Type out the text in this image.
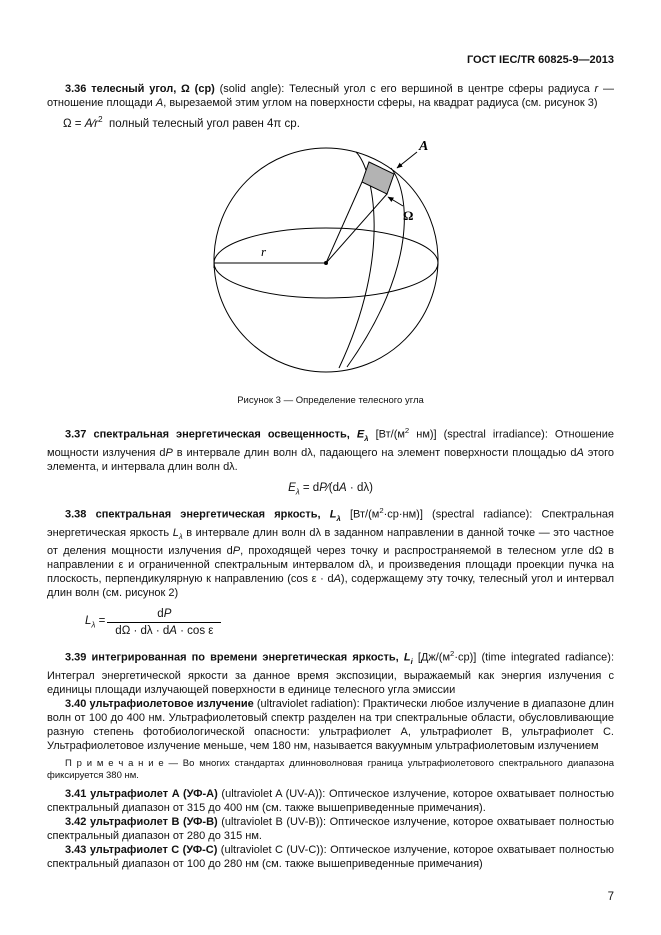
ГОСТ IEC/TR 60825-9—2013

3.36 телесный угол, Ω (ср) (solid angle): Телесный угол с его вершиной в центре сферы радиуса r — отношение площади A, вырезаемой этим углом на поверхности сферы, на квадрат радиуса (см. рисунок 3)

$\Omega = A∕r^2$  полный телесный угол равен 4π ср.
A
Ω
r
Рисунок 3 — Определение телесного угла

3.37 спектральная энергетическая освещенность, $E_\lambda$ [$Вт/(м^2$ нм)] (spectral irradiance): Отношение мощности излучения dP в интервале длин волн dλ, падающего на элемент поверхности площадью dA этого элемента, и интервала длин волн dλ.

$E_\lambda$ = dP∕(dA · dλ)

3.38 спектральная энергетическая яркость, $L_\lambda$ $[Вт/(м^2\cdot ср\cdot нм)]$ (spectral radiance): Спектральная энергетическая яркость $L_\lambda$ в интервале длин волн dλ в заданном направлении в данной точке — это частное от деления мощности излучения dP, проходящей через точку и распространяемой в телесном угле dΩ в направлении ε и ограниченной спектральным интервалом dλ, и произведения площади проекции пучка на плоскость, перпендикулярную к направлению (cos ε · dA), содержащему эту точку, телесный угол и интервал длин волн (см. рисунок 2)

$L_\lambda = \frac{dP}{\text{dΩ · dλ · dA · cos ε}}$

3.39 интегрированная по времени энергетическая яркость, $L_i$ $[Дж/(м^2\cdot ср)]$ (time integrated radiance): Интеграл энергетической яркости за данное время экспозиции, выражаемый как энергия излучения с единицы площади излучающей поверхности в единице телесного угла эмиссии

3.40 ультрафиолетовое излучение (ultraviolet radiation): Практически любое излучение в диапазоне длин волн от 100 до 400 нм. Ультрафиолетовый спектр разделен на три спектральные области, обусловливающие разную степень фотобиологической опасности: ультрафиолет A, ультрафиолет B, ультрафиолет C. Ультрафиолетовое излучение меньше, чем 180 нм, называется вакуумным ультрафиолетовым излучением

П р и м е ч а н и е — Во многих стандартах длинноволновая граница ультрафиолетового спектрального диапазона фиксируется 380 нм.

3.41 ультрафиолет A (УФ-A) (ultraviolet A (UV-A)): Оптическое излучение, которое охватывает полностью спектральный диапазон от 315 до 400 нм (см. также вышеприведенные примечания).

3.42 ультрафиолет B (УФ-B) (ultraviolet B (UV-B)): Оптическое излучение, которое охватывает полностью спектральный диапазон от 280 до 315 нм.

3.43 ультрафиолет C (УФ-C) (ultraviolet C (UV-C)): Оптическое излучение, которое охватывает полностью спектральный диапазон от 100 до 280 нм (см. также вышеприведенные примечания)

7
